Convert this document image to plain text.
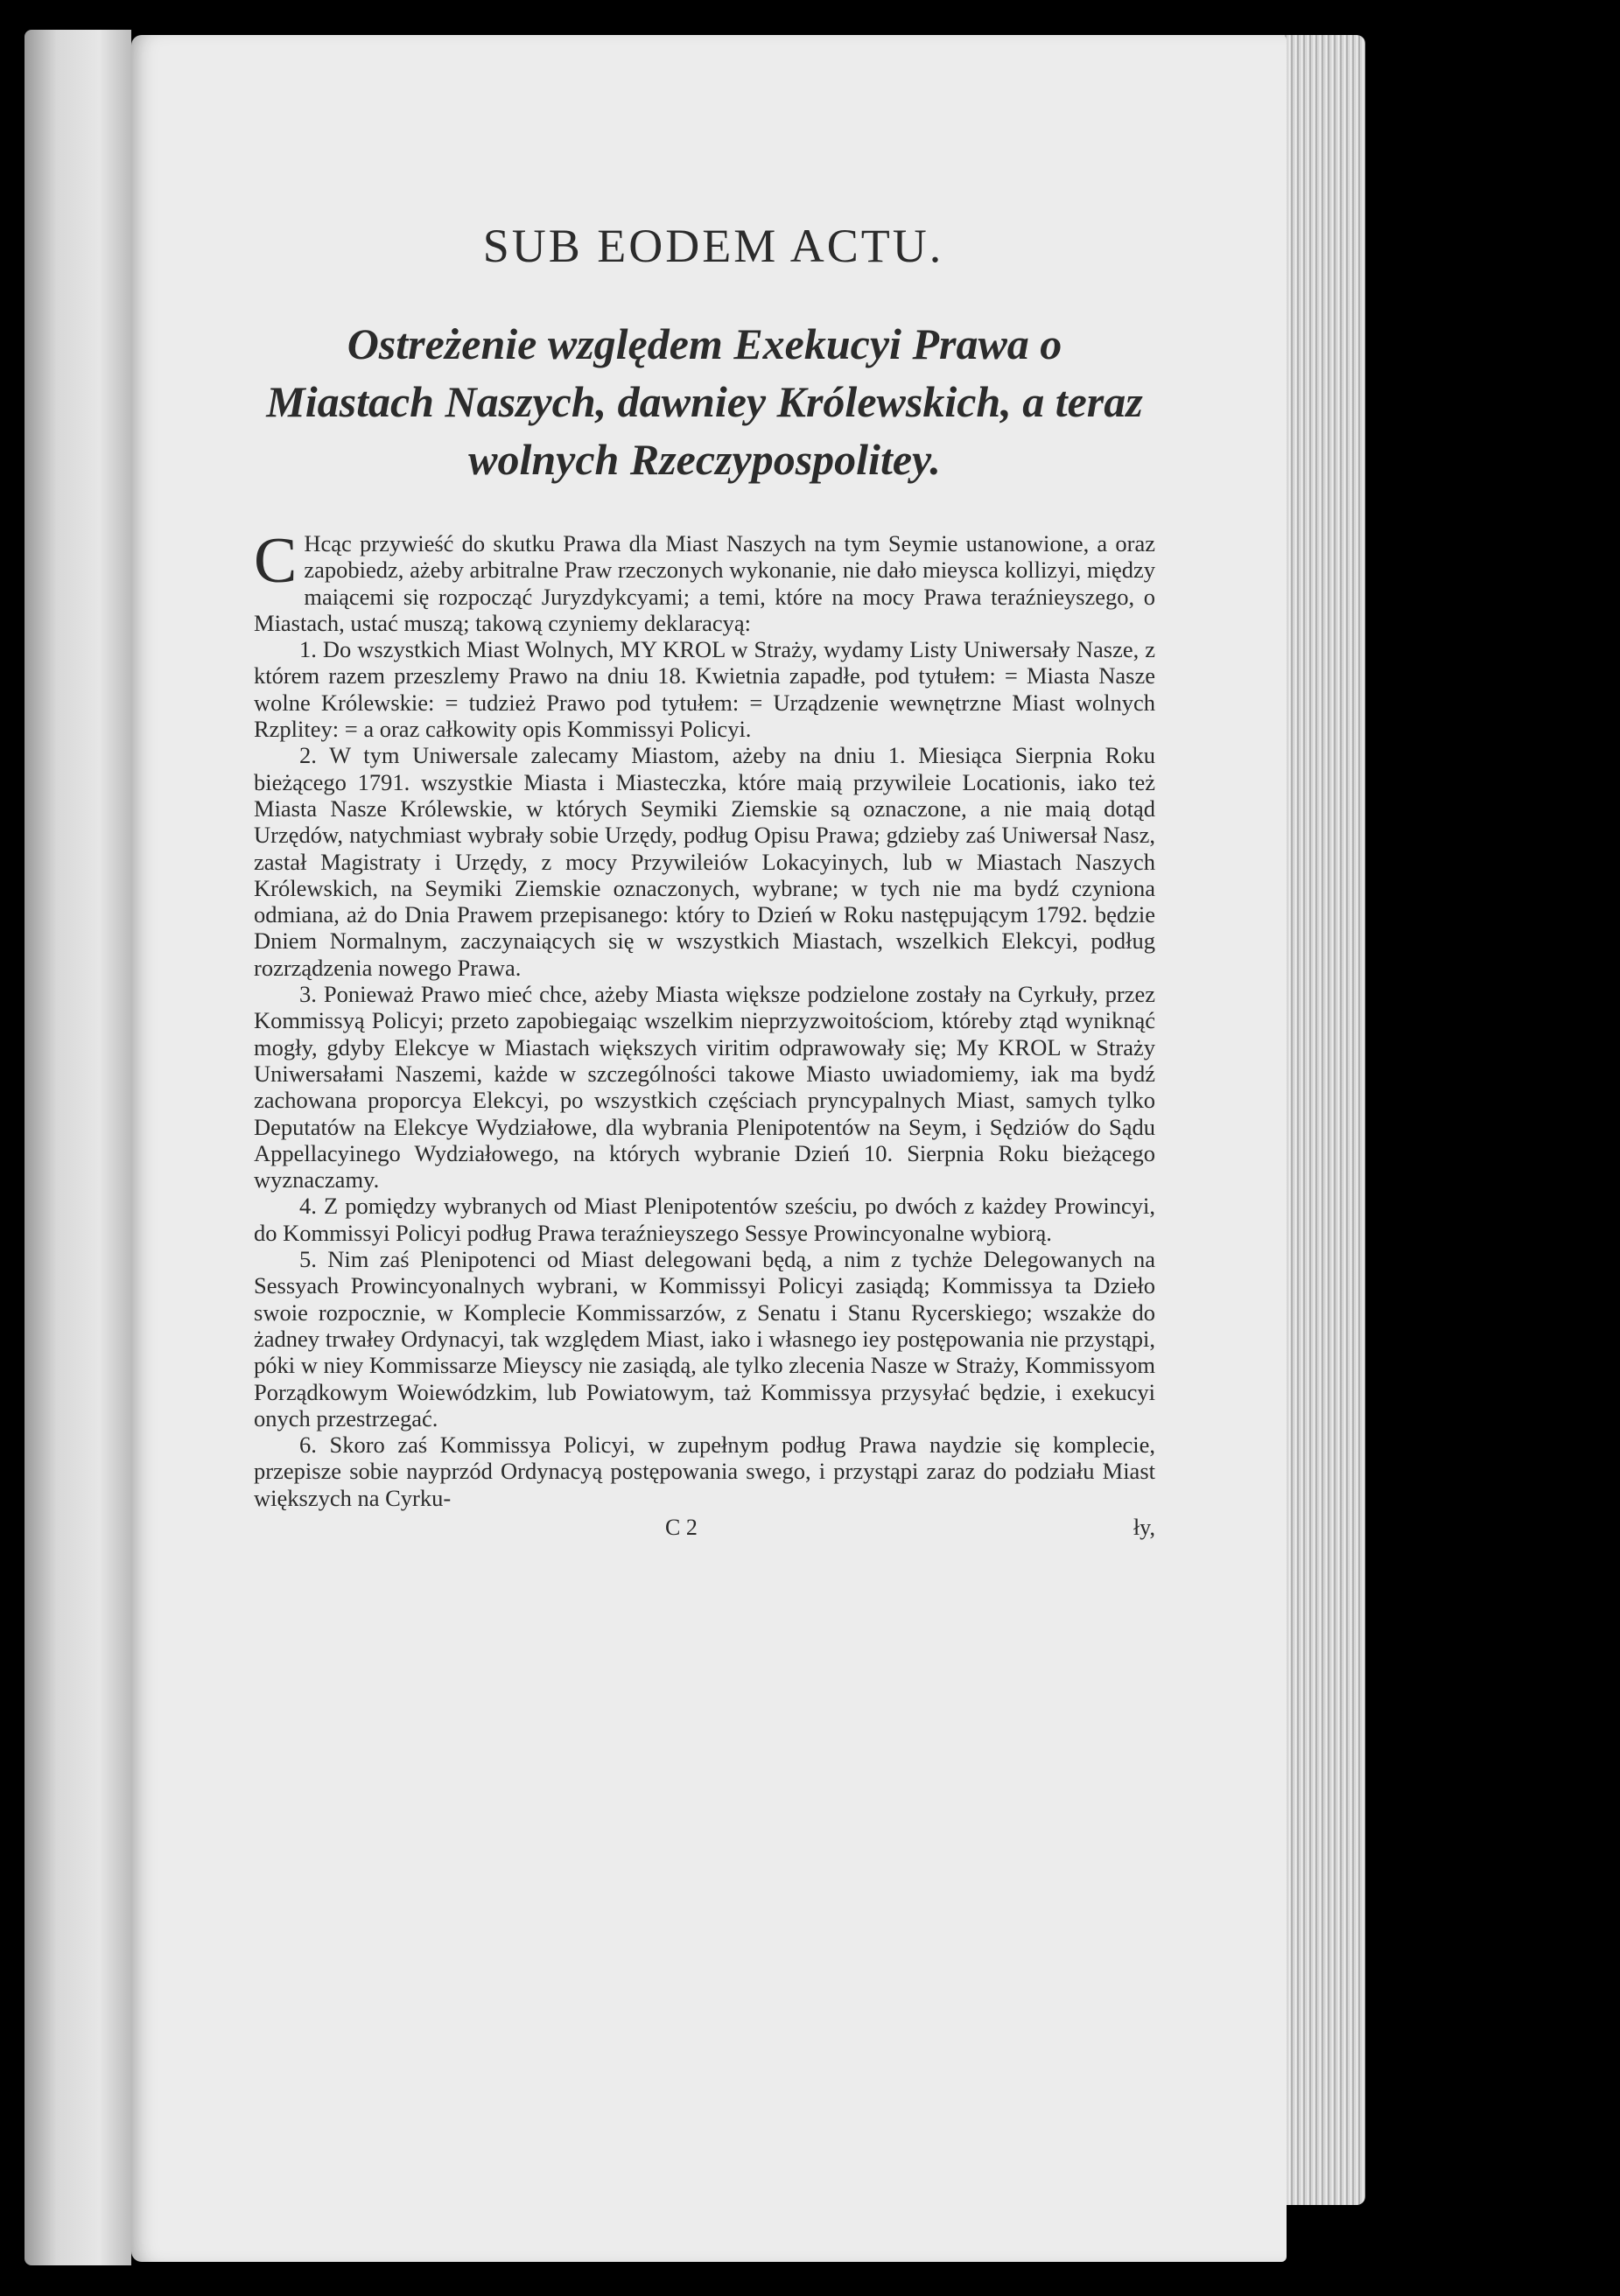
SUB EODEM ACTU.
Ostreżenie względem Exekucyi Prawa o Miastach Naszych, dawniey Królewskich, a teraz wolnych Rzeczypospolitey.

C Hcąc przywieść do skutku Prawa dla Miast Naszych na tym Seymie ustanowione, a oraz zapobiedz, ażeby arbitralne Praw rzeczonych wykonanie, nie dało mieysca kollizyi, między maiącemi się rozpocząć Juryzdykcyami; a temi, które na mocy Prawa teraźnieyszego, o Miastach, ustać muszą; takową czyniemy deklaracyą:

1. Do wszystkich Miast Wolnych, MY KROL w Straży, wydamy Listy Uniwersały Nasze, z którem razem przeszlemy Prawo na dniu 18. Kwietnia zapadłe, pod tytułem: = Miasta Nasze wolne Królewskie: = tudzież Prawo pod tytułem: = Urządzenie wewnętrzne Miast wolnych Rzplitey: = a oraz całkowity opis Kommissyi Policyi.

2. W tym Uniwersale zalecamy Miastom, ażeby na dniu 1. Miesiąca Sierpnia Roku bieżącego 1791. wszystkie Miasta i Miasteczka, które maią przywileie Locationis, iako też Miasta Nasze Królewskie, w których Seymiki Ziemskie są oznaczone, a nie maią dotąd Urzędów, natychmiast wybrały sobie Urzędy, podług Opisu Prawa; gdzieby zaś Uniwersał Nasz, zastał Magistraty i Urzędy, z mocy Przywileiów Lokacyinych, lub w Miastach Naszych Królewskich, na Seymiki Ziemskie oznaczonych, wybrane; w tych nie ma bydź czyniona odmiana, aż do Dnia Prawem przepisanego: który to Dzień w Roku następującym 1792. będzie Dniem Normalnym, zaczynaiących się w wszystkich Miastach, wszelkich Elekcyi, podług rozrządzenia nowego Prawa.

3. Ponieważ Prawo mieć chce, ażeby Miasta większe podzielone zostały na Cyrkuły, przez Kommissyą Policyi; przeto zapobiegaiąc wszelkim nieprzyzwoitościom, któreby ztąd wyniknąć mogły, gdyby Elekcye w Miastach większych viritim odprawowały się; My KROL w Straży Uniwersałami Naszemi, każde w szczególności takowe Miasto uwiadomiemy, iak ma bydź zachowana proporcya Elekcyi, po wszystkich częściach pryncypalnych Miast, samych tylko Deputatów na Elekcye Wydziałowe, dla wybrania Plenipotentów na Seym, i Sędziów do Sądu Appellacyinego Wydziałowego, na których wybranie Dzień 10. Sierpnia Roku bieżącego wyznaczamy.

4. Z pomiędzy wybranych od Miast Plenipotentów sześciu, po dwóch z każdey Prowincyi, do Kommissyi Policyi podług Prawa teraźnieyszego Sessye Prowincyonalne wybiorą.

5. Nim zaś Plenipotenci od Miast delegowani będą, a nim z tychże Delegowanych na Sessyach Prowincyonalnych wybrani, w Kommissyi Policyi zasiądą; Kommissya ta Dzieło swoie rozpocznie, w Komplecie Kommissarzów, z Senatu i Stanu Rycerskiego; wszakże do żadney trwałey Ordynacyi, tak względem Miast, iako i własnego iey postępowania nie przystąpi, póki w niey Kommissarze Mieyscy nie zasiądą, ale tylko zlecenia Nasze w Straży, Kommissyom Porządkowym Woiewódzkim, lub Powiatowym, taż Kommissya przysyłać będzie, i exekucyi onych przestrzegać.

6. Skoro zaś Kommissya Policyi, w zupełnym podług Prawa naydzie się komplecie, przepisze sobie nayprzód Ordynacyą postępowania swego, i przystąpi zaraz do podziału Miast większych na Cyrku-

C 2	ły,
